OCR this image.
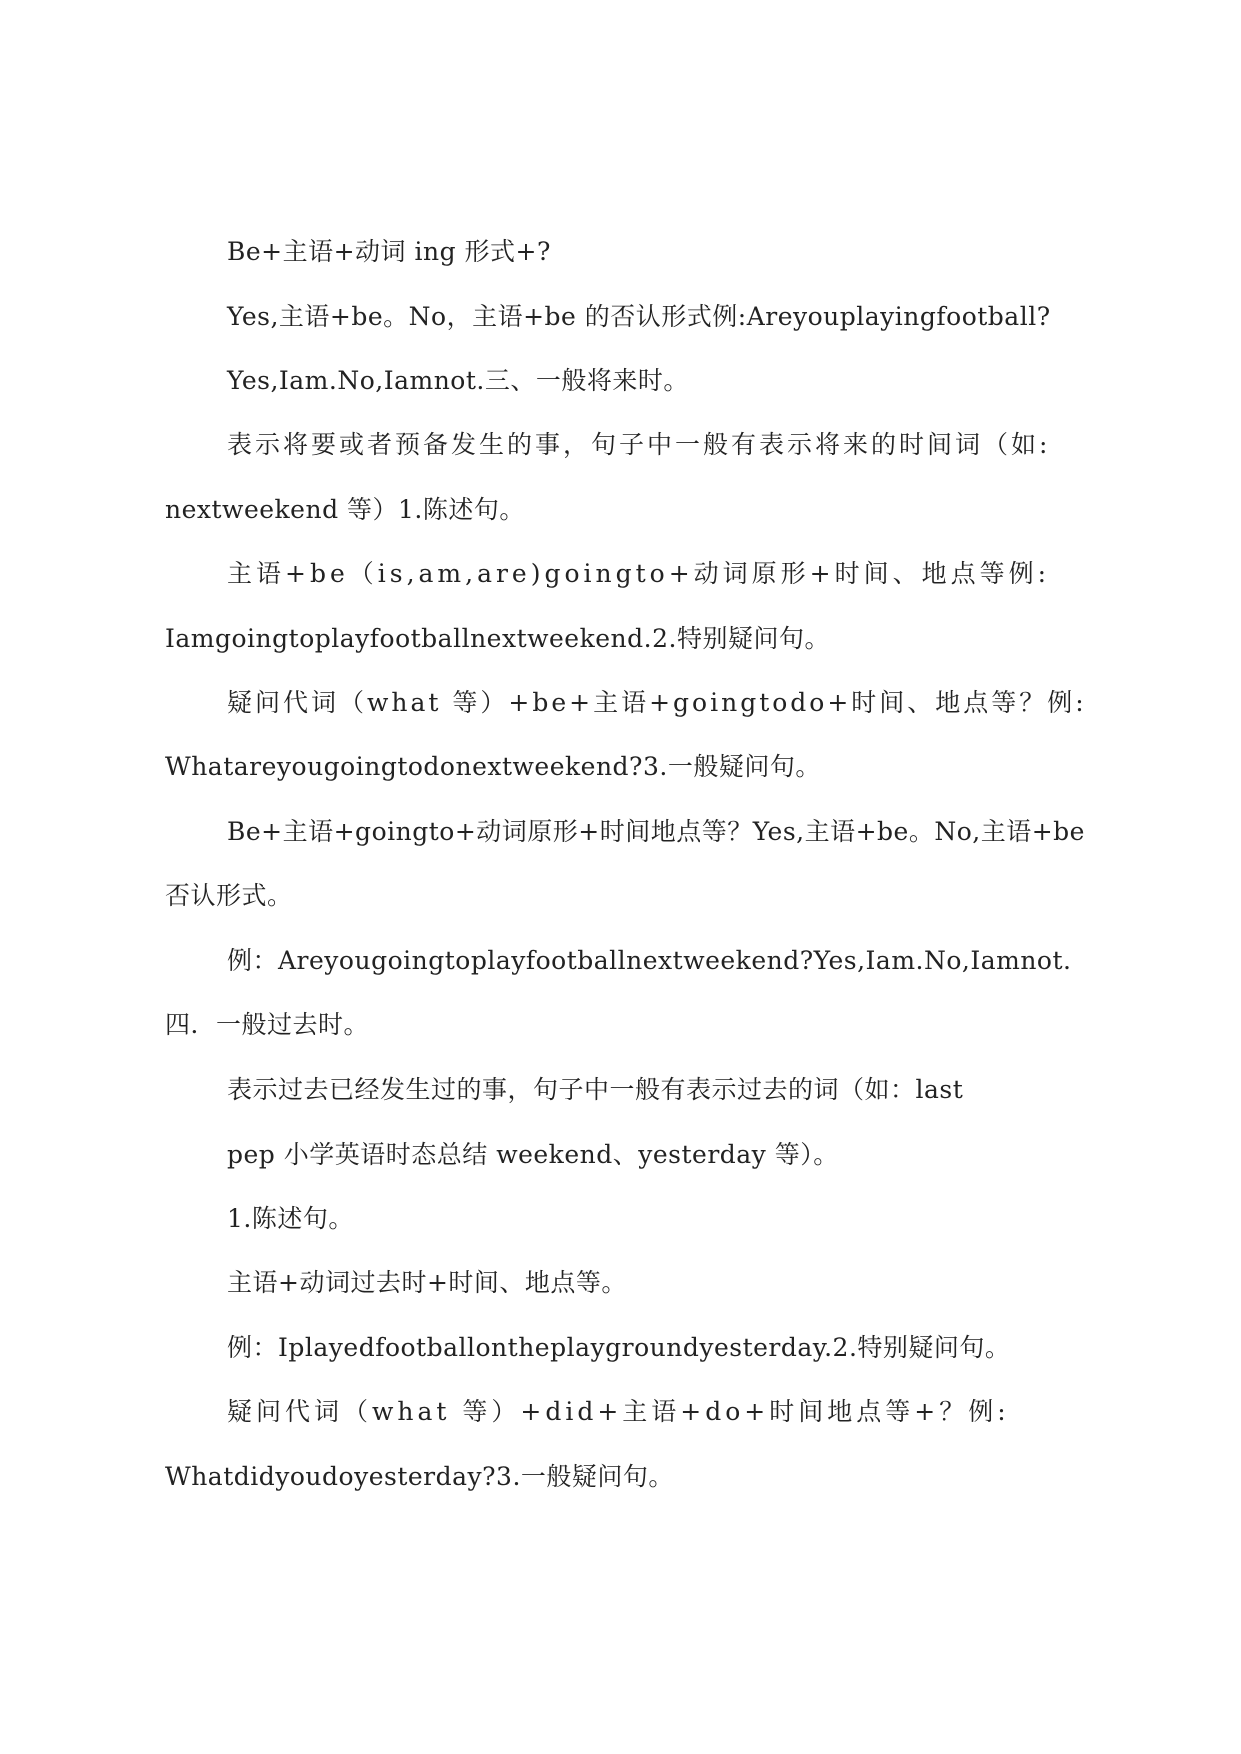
Be+主语+动词 ing 形式+?
Yes,主语+be。No，主语+be 的否认形式例:Areyouplayingfootball?
Yes,Iam.No,Iamnot.三、一般将来时。
表示将要或者预备发生的事，句子中一般有表示将来的时间词（如:
nextweekend 等）1.陈述句。
主语+be（is,am,are)goingto+动词原形+时间、地点等例:
Iamgoingtoplayfootballnextweekend.2.特别疑问句。
疑问代词（what 等）+be+主语+goingtodo+时间、地点等？例:
Whatareyougoingtodonextweekend?3.一般疑问句。
Be+主语+goingto+动词原形+时间地点等？Yes,主语+be。No,主语+be
否认形式。
例：Areyougoingtoplayfootballnextweekend?Yes,Iam.No,Iamnot.
四．一般过去时。
表示过去已经发生过的事，句子中一般有表示过去的词（如：last
pep 小学英语时态总结 weekend、yesterday 等）。
1.陈述句。
主语+动词过去时+时间、地点等。
例：Iplayedfootballontheplaygroundyesterday.2.特别疑问句。
疑问代词（what 等）+did+主语+do+时间地点等+？例:
Whatdidyoudoyesterday?3.一般疑问句。
